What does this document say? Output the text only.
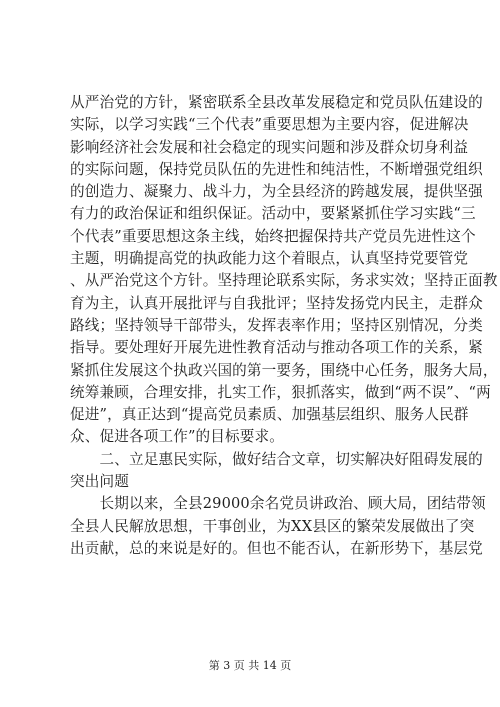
从严治党的方针，紧密联系全县改革发展稳定和党员队伍建设的
实际，以学习实践“三个代表”重要思想为主要内容，促进解决
影响经济社会发展和社会稳定的现实问题和涉及群众切身利益
的实际问题，保持党员队伍的先进性和纯洁性，不断增强党组织
的创造力、凝聚力、战斗力，为全县经济的跨越发展，提供坚强
有力的政治保证和组织保证。活动中，要紧紧抓住学习实践“三
个代表”重要思想这条主线，始终把握保持共产党员先进性这个
主题，明确提高党的执政能力这个着眼点，认真坚持党要管党
、从严治党这个方针。坚持理论联系实际，务求实效；坚持正面教
育为主，认真开展批评与自我批评；坚持发扬党内民主，走群众
路线；坚持领导干部带头，发挥表率作用；坚持区别情况，分类
指导。要处理好开展先进性教育活动与推动各项工作的关系，紧
紧抓住发展这个执政兴国的第一要务，围绕中心任务，服务大局，
统筹兼顾，合理安排，扎实工作，狠抓落实，做到“两不误”、“两
促进”，真正达到“提高党员素质、加强基层组织、服务人民群
众、促进各项工作”的目标要求。
　　二、立足惠民实际，做好结合文章，切实解决好阻碍发展的
突出问题
　　长期以来，全县29000余名党员讲政治、顾大局，团结带领
全县人民解放思想，干事创业，为XX县区的繁荣发展做出了突
出贡献，总的来说是好的。但也不能否认，在新形势下，基层党
第 3 页 共 14 页
